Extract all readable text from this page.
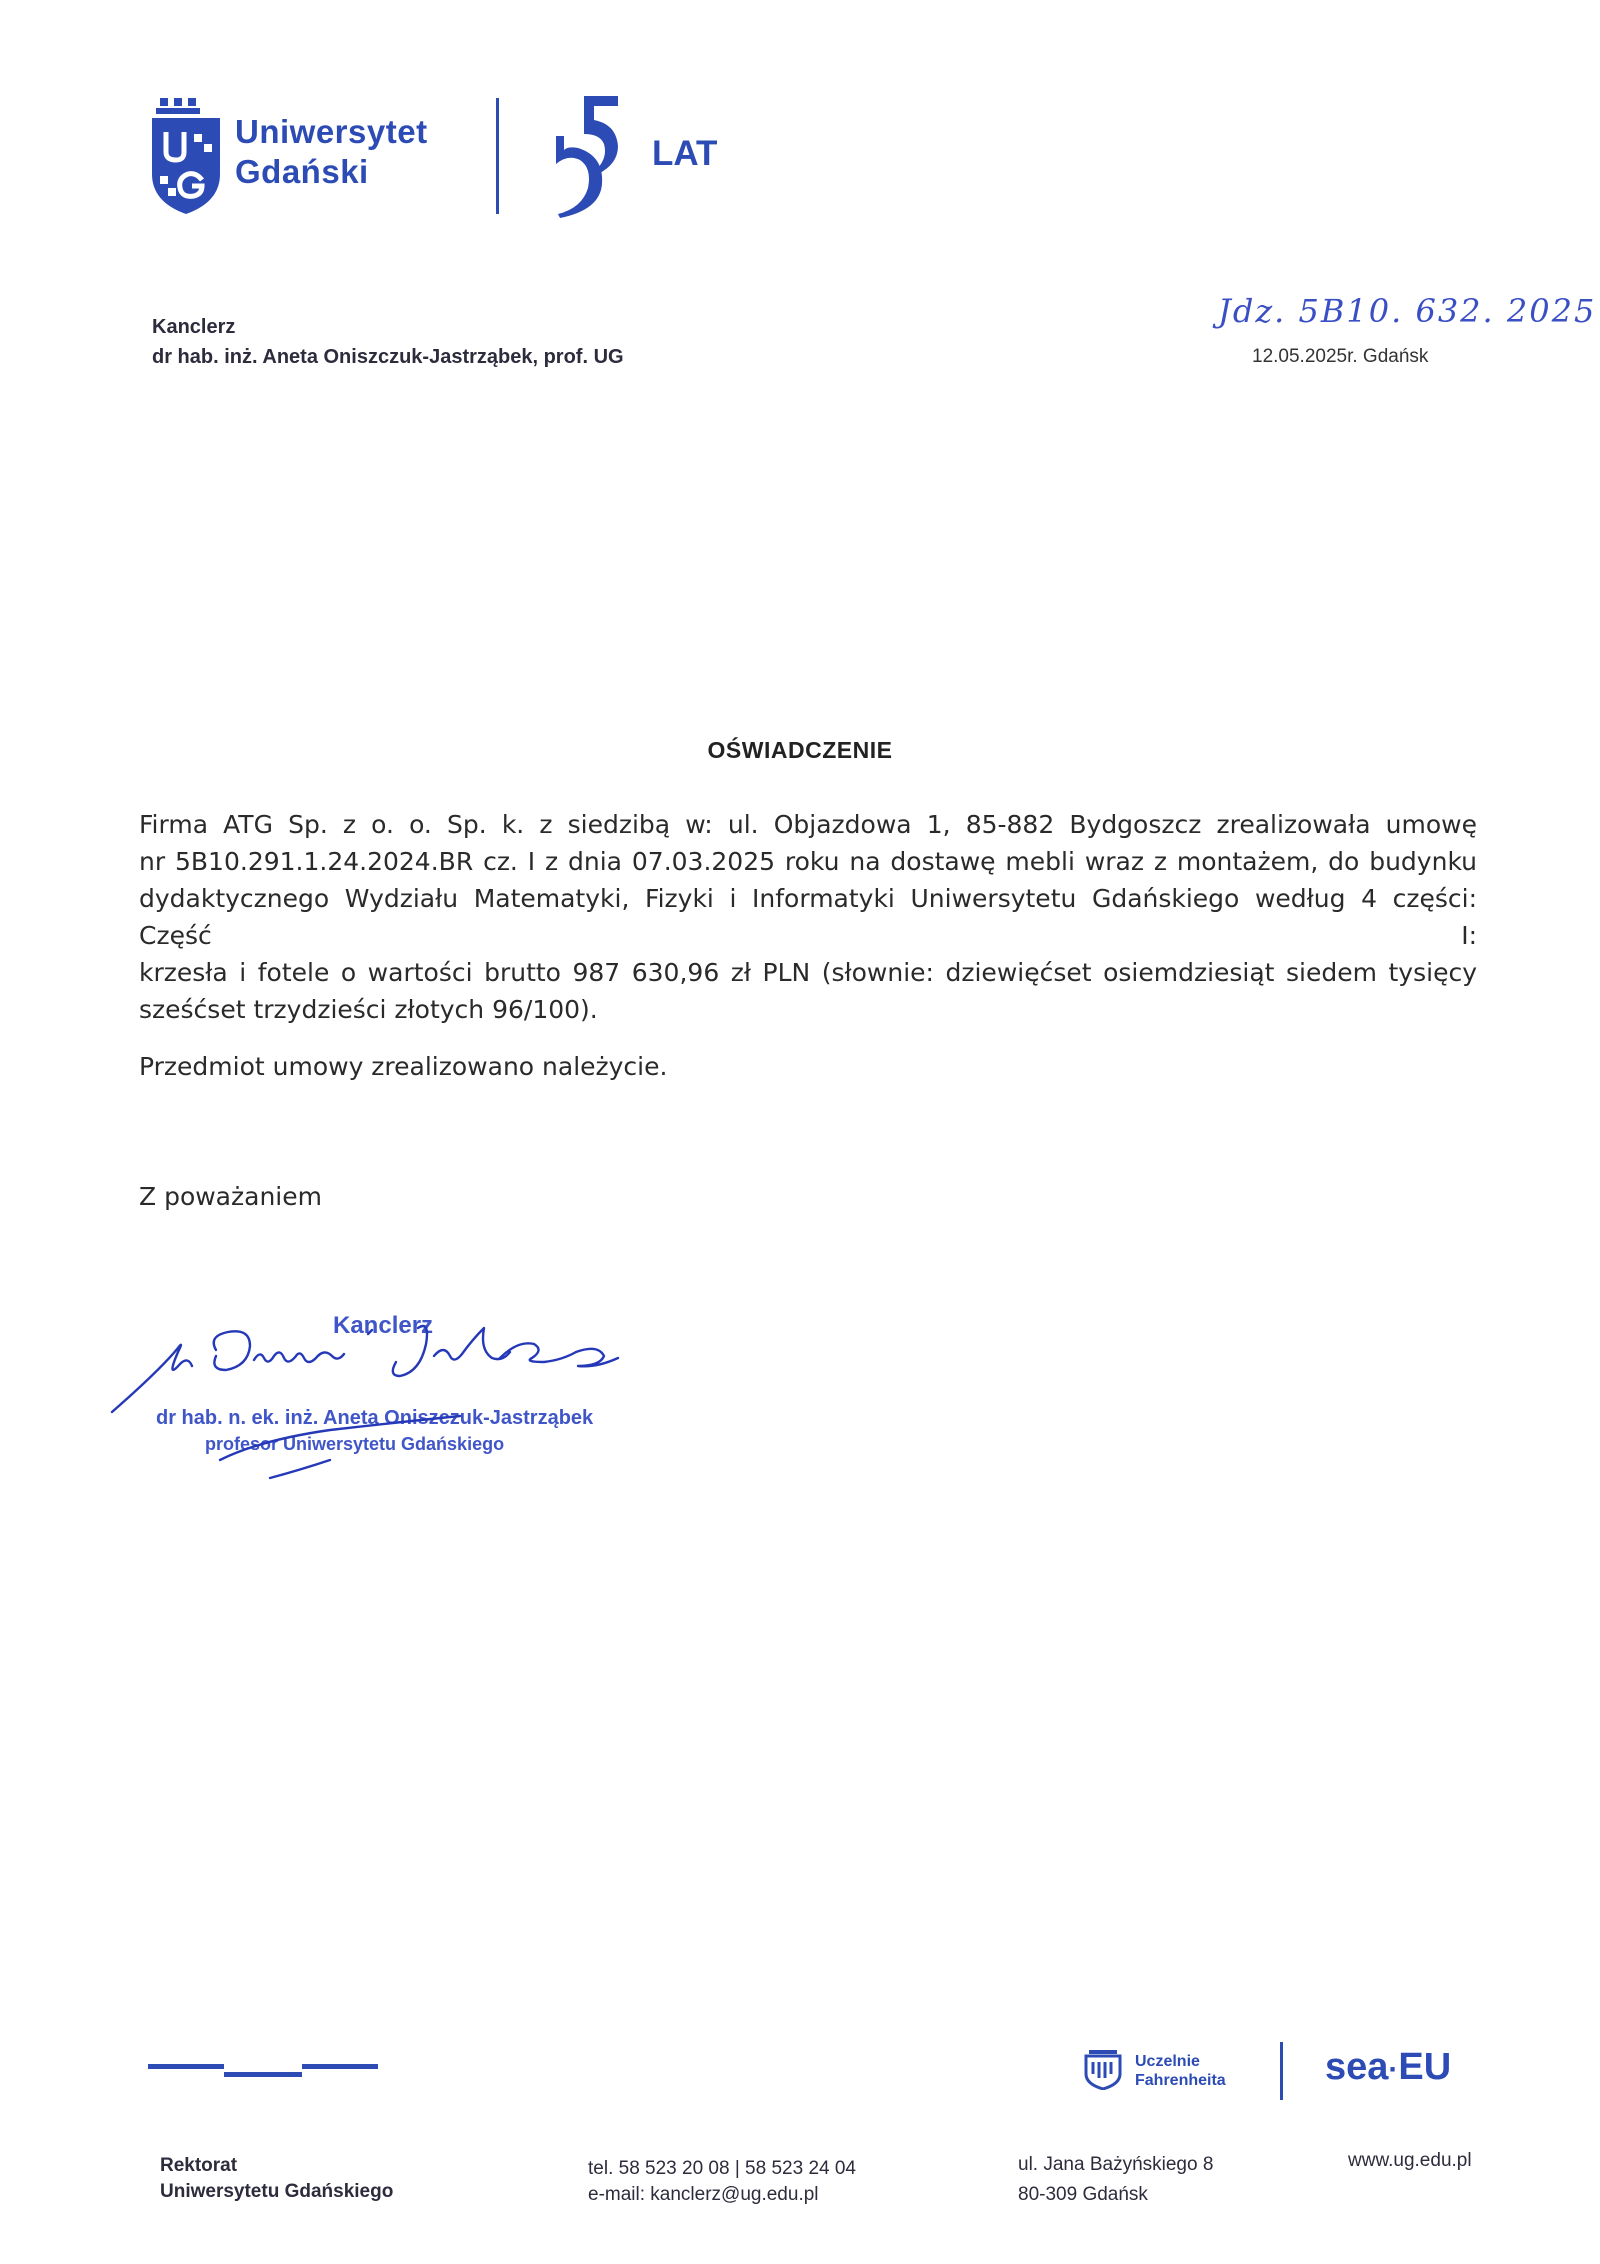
Uniwersytet
Gdański	LAT
Kanclerz
dr hab. inż. Aneta Oniszczuk-Jastrząbek, prof. UG
Jdz. 5B10. 632. 2025
12.05.2025r. Gdańsk
OŚWIADCZENIE
Firma ATG Sp. z o. o. Sp. k. z siedzibą w: ul. Objazdowa 1, 85-882 Bydgoszcz zrealizowała umowę
nr 5B10.291.1.24.2024.BR cz. I z dnia 07.03.2025 roku na dostawę mebli wraz z montażem, do budynku
dydaktycznego Wydziału Matematyki, Fizyki i Informatyki Uniwersytetu Gdańskiego według 4 części: Część I:
krzesła i fotele o wartości brutto 987 630,96 zł PLN (słownie: dziewięćset osiemdziesiąt siedem tysięcy
sześćset trzydzieści złotych 96/100).
Przedmiot umowy zrealizowano należycie.
Z poważaniem
Kanclerz
dr hab. n. ek. inż. Aneta Oniszczuk-Jastrząbek
profesor Uniwersytetu Gdańskiego
Uczelnie
Fahrenheita	sea·EU
Rektorat
Uniwersytetu Gdańskiego
tel. 58 523 20 08 | 58 523 24 04
e-mail: kanclerz@ug.edu.pl
ul. Jana Bażyńskiego 8
80-309 Gdańsk
www.ug.edu.pl
